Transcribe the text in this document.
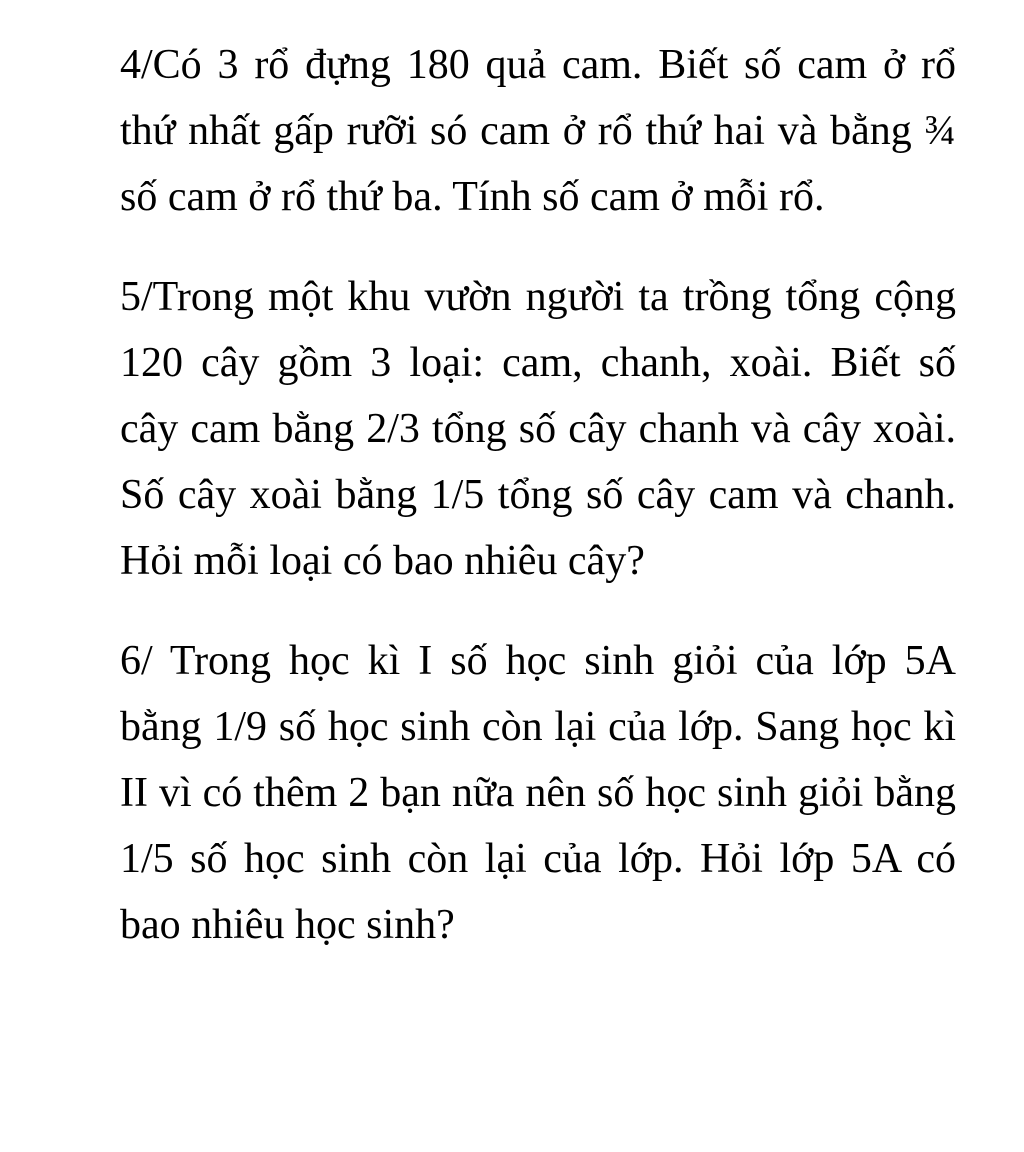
4/Có 3 rổ đựng 180 quả cam. Biết số cam ở rổ thứ nhất gấp rưỡi só cam ở rổ thứ hai và bằng ¾ số cam ở rổ thứ ba. Tính số cam ở mỗi rổ.

5/Trong một khu vườn người ta trồng tổng cộng 120 cây gồm 3 loại: cam, chanh, xoài. Biết số cây cam bằng 2/3 tổng số cây chanh và cây xoài. Số cây xoài bằng 1/5 tổng số cây cam và chanh. Hỏi mỗi loại có bao nhiêu cây?

6/ Trong học kì I số học sinh giỏi của lớp 5A bằng 1/9 số học sinh còn lại của lớp. Sang học kì II vì có thêm 2 bạn nữa nên số học sinh giỏi bằng 1/5 số học sinh còn lại của lớp. Hỏi lớp 5A có bao nhiêu học sinh?
